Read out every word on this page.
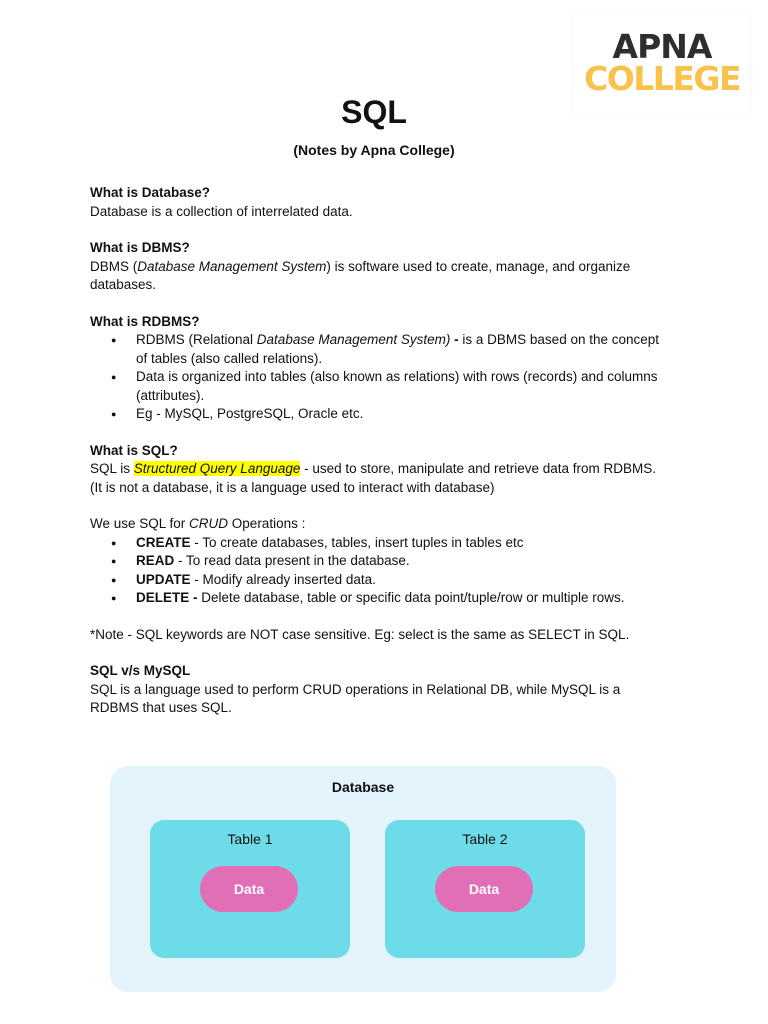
APNA
COLLEGE
SQL
(Notes by Apna College)

What is Database?

Database is a collection of interrelated data.

What is DBMS?

DBMS (Database Management System) is software used to create, manage, and organize databases.

What is RDBMS?

● RDBMS (Relational Database Management System) - is a DBMS based on the concept of tables (also called relations).
● Data is organized into tables (also known as relations) with rows (records) and columns (attributes).
● Eg - MySQL, PostgreSQL, Oracle etc.

What is SQL?

SQL is Structured Query Language - used to store, manipulate and retrieve data from RDBMS.

(It is not a database, it is a language used to interact with database)

We use SQL for CRUD Operations :

● CREATE - To create databases, tables, insert tuples in tables etc
● READ - To read data present in the database.
● UPDATE - Modify already inserted data.
● DELETE - Delete database, table or specific data point/tuple/row or multiple rows.

*Note - SQL keywords are NOT case sensitive. Eg: select is the same as SELECT in SQL.

SQL v/s MySQL

SQL is a language used to perform CRUD operations in Relational DB, while MySQL is a RDBMS that uses SQL.

Database
Table 1
Data
Table 2
Data
